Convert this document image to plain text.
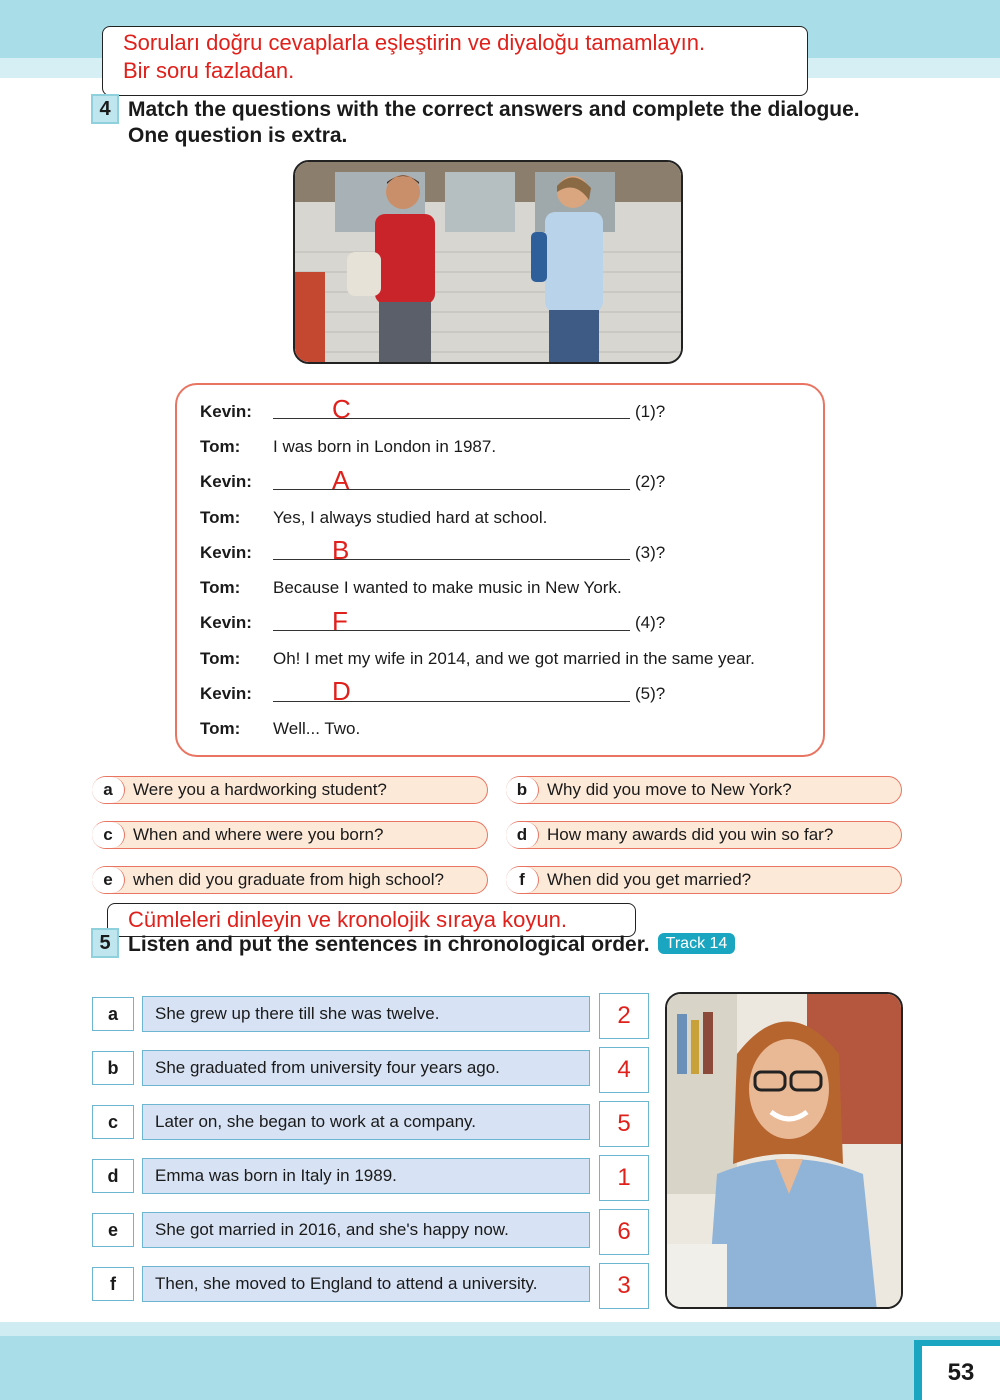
53
Soruları doğru cevaplarla eşleştirin ve diyaloğu tamamlayın.
Bir soru fazladan.
4 Match the questions with the correct answers and complete the dialogue.
One question is extra.
Kevin:	C	(1)?
Tom: I was born in London in 1987.
Kevin:	A	(2)?
Tom: Yes, I always studied hard at school.
Kevin:	B	(3)?
Tom: Because I wanted to make music in New York.
Kevin:	F	(4)?
Tom: Oh! I met my wife in 2014, and we got married in the same year.
Kevin:	D	(5)?
Tom: Well... Two.
a	Were you a hardworking student?	b	Why did you move to New York?
c	When and where were you born?	d	How many awards did you win so far?
e	when did you graduate from high school?	f	When did you get married?
Cümleleri dinleyin ve kronolojik sıraya koyun.
5 Listen and put the sentences in chronological order.	Track 14
a	She grew up there till she was twelve.	2
b	She graduated from university four years ago.	4
c	Later on, she began to work at a company.	5
d	Emma was born in Italy in 1989.	1
e	She got married in 2016, and she's happy now.	6
f	Then, she moved to England to attend a university.	3
